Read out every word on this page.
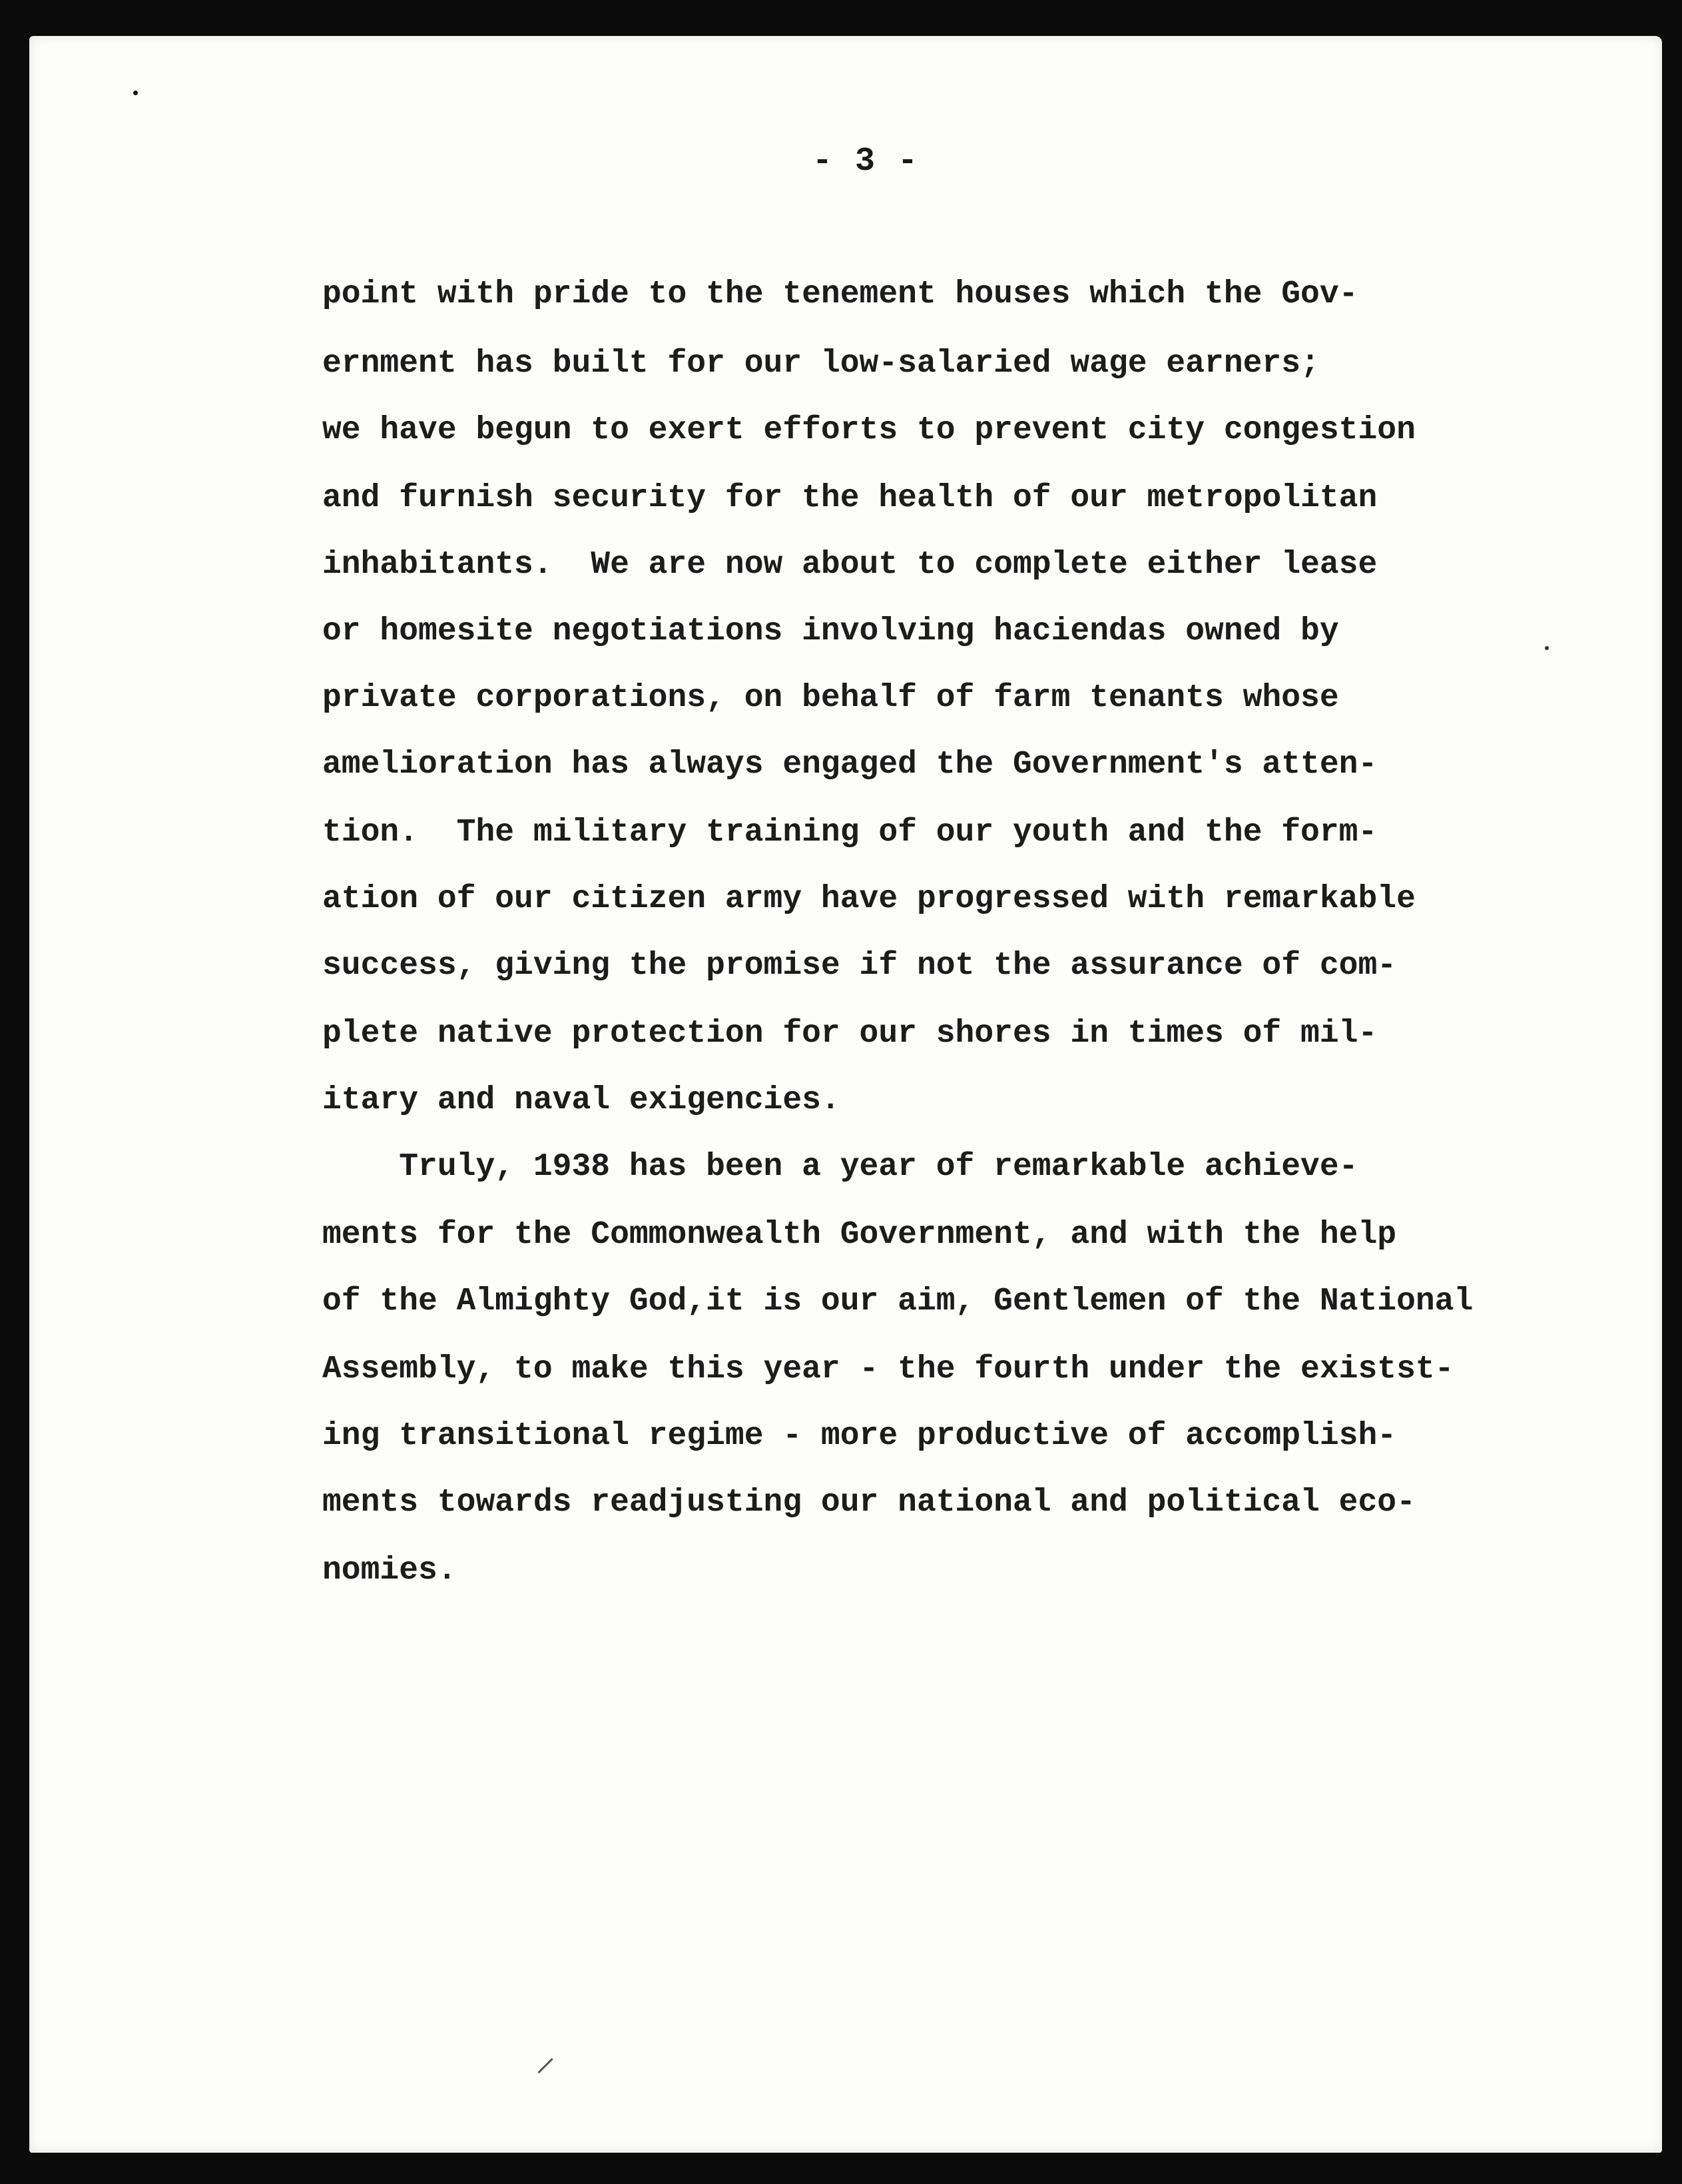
- 3 -
point with pride to the tenement houses which the Gov-
ernment has built for our low-salaried wage earners;
we have begun to exert efforts to prevent city congestion
and furnish security for the health of our metropolitan
inhabitants.  We are now about to complete either lease
or homesite negotiations involving haciendas owned by
private corporations, on behalf of farm tenants whose
amelioration has always engaged the Government's atten-
tion.  The military training of our youth and the form-
ation of our citizen army have progressed with remarkable
success, giving the promise if not the assurance of com-
plete native protection for our shores in times of mil-
itary and naval exigencies.
Truly, 1938 has been a year of remarkable achieve-
ments for the Commonwealth Government, and with the help
of the Almighty God,it is our aim, Gentlemen of the National
Assembly, to make this year - the fourth under the existst-
ing transitional regime - more productive of accomplish-
ments towards readjusting our national and political eco-
nomies.
